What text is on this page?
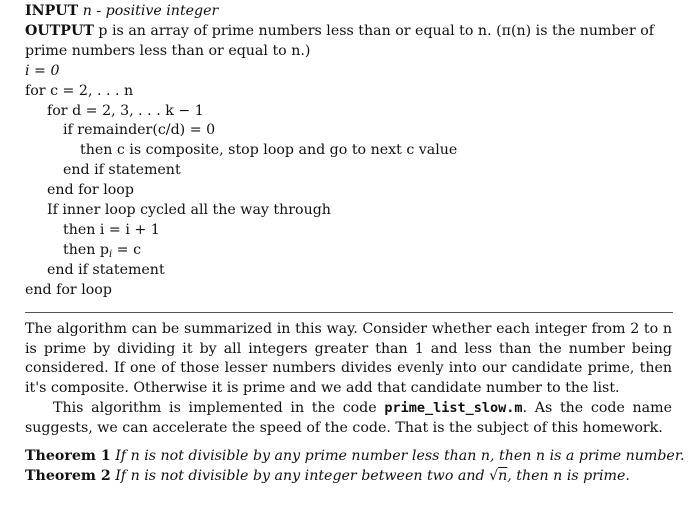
INPUT n - positive integer
OUTPUT p is an array of prime numbers less than or equal to n. (π(n) is the number of
prime numbers less than or equal to n.)
i = 0
for c = 2, . . . n
for d = 2, 3, . . . k − 1
if remainder(c/d) = 0
then c is composite, stop loop and go to next c value
end if statement
end for loop
If inner loop cycled all the way through
then i = i + 1
then $p_i = c$
end if statement
end for loop
The algorithm can be summarized in this way. Consider whether each integer from 2 to n is prime by dividing it by all integers greater than 1 and less than the number being considered. If one of those lesser numbers divides evenly into our candidate prime, then it's composite. Otherwise it is prime and we add that candidate number to the list.
This algorithm is implemented in the code prime_list_slow.m. As the code name suggests, we can accelerate the speed of the code. That is the subject of this homework.
Theorem 1 If n is not divisible by any prime number less than n, then n is a prime number.
Theorem 2 If n is not divisible by any integer between two and √n, then n is prime.
